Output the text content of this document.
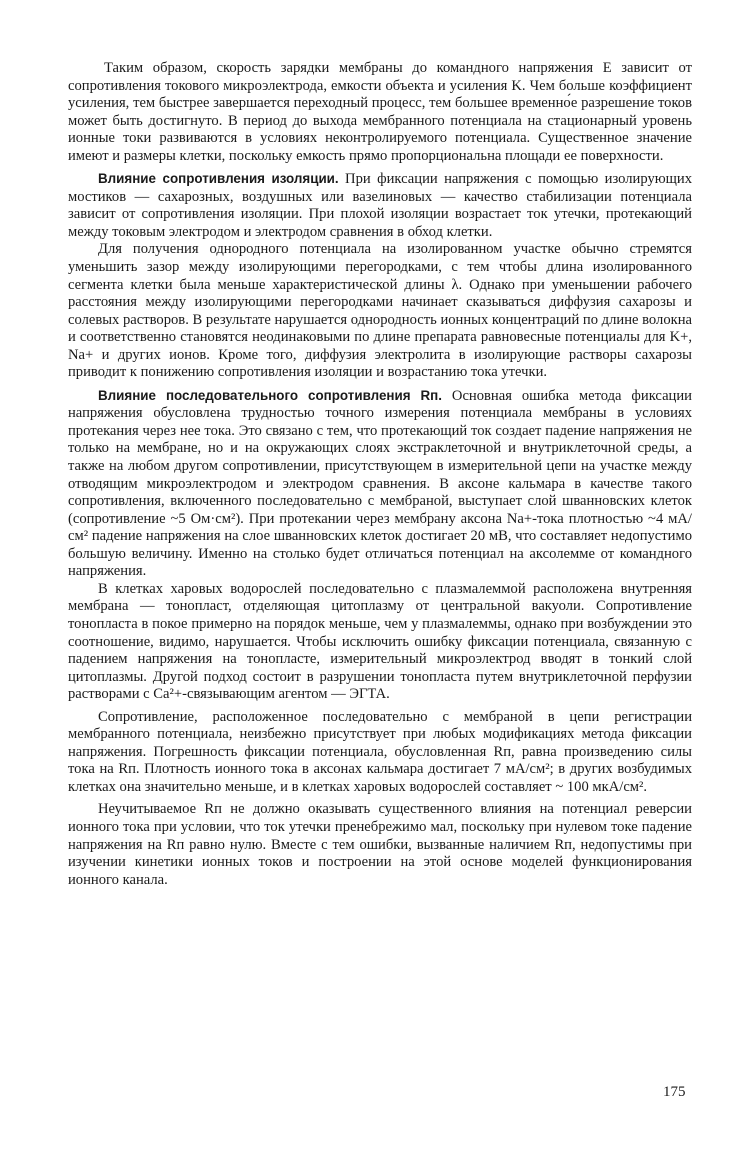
Таким образом, скорость зарядки мембраны до командного напряжения E зависит от сопротивления токового микроэлектрода, емкости объекта и усиления K. Чем больше коэффициент усиления, тем быстрее завершается переходный процесс, тем большее временно́е разрешение токов может быть достигнуто. В период до выхода мембранного потенциала на стационарный уровень ионные токи развиваются в условиях неконтролируемого потенциала. Существенное значение имеют и размеры клетки, поскольку емкость прямо пропорциональна площади ее поверхности.

Влияние сопротивления изоляции. При фиксации напряжения с помощью изолирующих мостиков — сахарозных, воздушных или вазелиновых — качество стабилизации потенциала зависит от сопротивления изоляции. При плохой изоляции возрастает ток утечки, протекающий между токовым электродом и электродом сравнения в обход клетки.

Для получения однородного потенциала на изолированном участке обычно стремятся уменьшить зазор между изолирующими перегородками, с тем чтобы длина изолированного сегмента клетки была меньше характеристической длины λ. Однако при уменьшении рабочего расстояния между изолирующими перегородками начинает сказываться диффузия сахарозы и солевых растворов. В результате нарушается однородность ионных концентраций по длине волокна и соответственно становятся неодинаковыми по длине препарата равновесные потенциалы для K+, Na+ и других ионов. Кроме того, диффузия электролита в изолирующие растворы сахарозы приводит к понижению сопротивления изоляции и возрастанию тока утечки.

Влияние последовательного сопротивления Rп. Основная ошибка метода фиксации напряжения обусловлена трудностью точного измерения потенциала мембраны в условиях протекания через нее тока. Это связано с тем, что протекающий ток создает падение напряжения не только на мембране, но и на окружающих слоях экстраклеточной и внутриклеточной среды, а также на любом другом сопротивлении, присутствующем в измерительной цепи на участке между отводящим микроэлектродом и электродом сравнения. В аксоне кальмара в качестве такого сопротивления, включенного последовательно с мембраной, выступает слой шванновских клеток (сопротивление ~5 Ом·см²). При протекании через мембрану аксона Na+-тока плотностью ~4 мА/см² падение напряжения на слое шванновских клеток достигает 20 мВ, что составляет недопустимо большую величину. Именно на столько будет отличаться потенциал на аксолемме от командного напряжения.

В клетках харовых водорослей последовательно с плазмалеммой расположена внутренняя мембрана — тонопласт, отделяющая цитоплазму от центральной вакуоли. Сопротивление тонопласта в покое примерно на порядок меньше, чем у плазмалеммы, однако при возбуждении это соотношение, видимо, нарушается. Чтобы исключить ошибку фиксации потенциала, связанную с падением напряжения на тонопласте, измерительный микроэлектрод вводят в тонкий слой цитоплазмы. Другой подход состоит в разрушении тонопласта путем внутриклеточной перфузии растворами с Ca²+-связывающим агентом — ЭГТА.

Сопротивление, расположенное последовательно с мембраной в цепи регистрации мембранного потенциала, неизбежно присутствует при любых модификациях метода фиксации напряжения. Погрешность фиксации потенциала, обусловленная Rп, равна произведению силы тока на Rп. Плотность ионного тока в аксонах кальмара достигает 7 мА/см²; в других возбудимых клетках она значительно меньше, и в клетках харовых водорослей составляет ~ 100 мкА/см².

Неучитываемое Rп не должно оказывать существенного влияния на потенциал реверсии ионного тока при условии, что ток утечки пренебрежимо мал, поскольку при нулевом токе падение напряжения на Rп равно нулю. Вместе с тем ошибки, вызванные наличием Rп, недопустимы при изучении кинетики ионных токов и построении на этой основе моделей функционирования ионного канала.

175
